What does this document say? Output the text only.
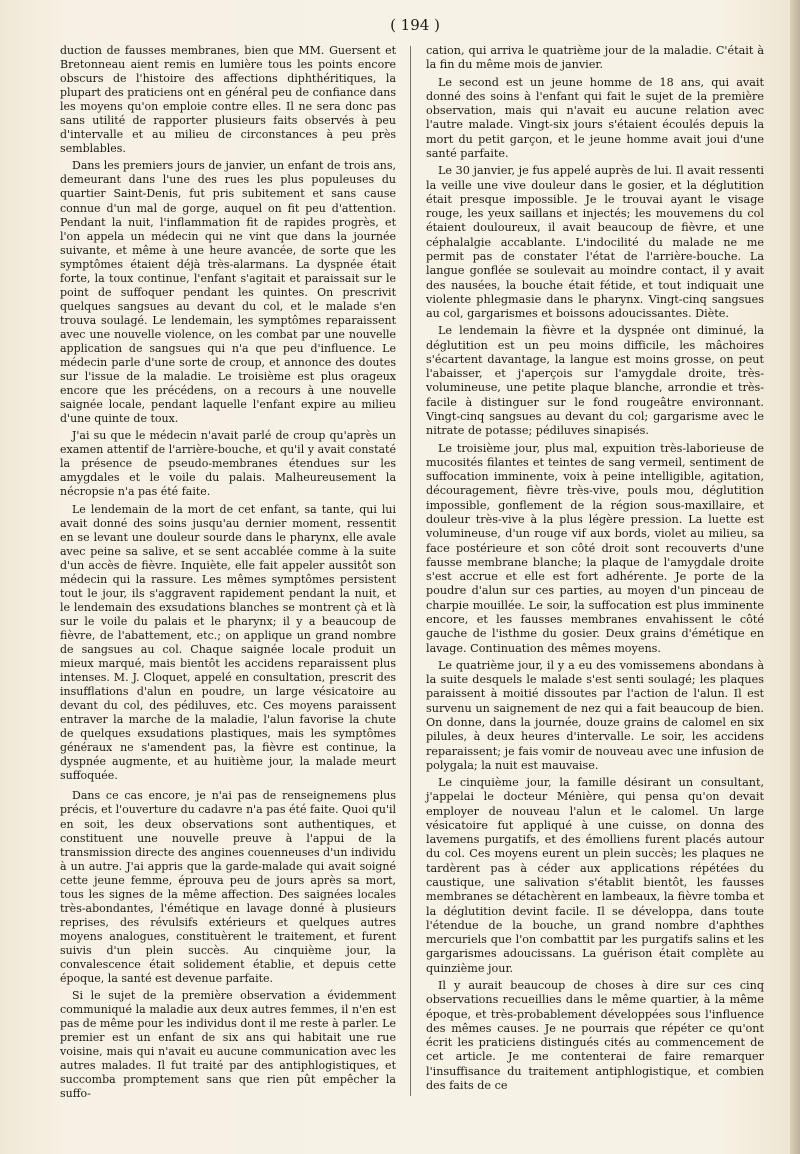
( 194 )

duction de fausses membranes, bien que MM. Guersent et Bretonneau aient remis en lumière tous les points encore obscurs de l'histoire des affections diphthéritiques, la plupart des praticiens ont en général peu de confiance dans les moyens qu'on emploie contre elles. Il ne sera donc pas sans utilité de rapporter plusieurs faits observés à peu d'intervalle et au milieu de circonstances à peu près semblables.

Dans les premiers jours de janvier, un enfant de trois ans, demeurant dans l'une des rues les plus populeuses du quartier Saint-Denis, fut pris subitement et sans cause connue d'un mal de gorge, auquel on fit peu d'attention. Pendant la nuit, l'inflammation fit de rapides progrès, et l'on appela un médecin qui ne vint que dans la journée suivante, et même à une heure avancée, de sorte que les symptômes étaient déjà très-alarmans. La dyspnée était forte, la toux continue, l'enfant s'agitait et paraissait sur le point de suffoquer pendant les quintes. On prescrivit quelques sangsues au devant du col, et le malade s'en trouva soulagé. Le lendemain, les symptômes reparaissent avec une nouvelle violence, on les combat par une nouvelle application de sangsues qui n'a que peu d'influence. Le médecin parle d'une sorte de croup, et annonce des doutes sur l'issue de la maladie. Le troisième est plus orageux encore que les précédens, on a recours à une nouvelle saignée locale, pendant laquelle l'enfant expire au milieu d'une quinte de toux.

J'ai su que le médecin n'avait parlé de croup qu'après un examen attentif de l'arrière-bouche, et qu'il y avait constaté la présence de pseudo-membranes étendues sur les amygdales et le voile du palais. Malheureusement la nécropsie n'a pas été faite.

Le lendemain de la mort de cet enfant, sa tante, qui lui avait donné des soins jusqu'au dernier moment, ressentit en se levant une douleur sourde dans le pharynx, elle avale avec peine sa salive, et se sent accablée comme à la suite d'un accès de fièvre. Inquiète, elle fait appeler aussitôt son médecin qui la rassure. Les mêmes symptômes persistent tout le jour, ils s'aggravent rapidement pendant la nuit, et le lendemain des exsudations blanches se montrent çà et là sur le voile du palais et le pharynx; il y a beaucoup de fièvre, de l'abattement, etc.; on applique un grand nombre de sangsues au col. Chaque saignée locale produit un mieux marqué, mais bientôt les accidens reparaissent plus intenses. M. J. Cloquet, appelé en consultation, prescrit des insufflations d'alun en poudre, un large vésicatoire au devant du col, des pédiluves, etc. Ces moyens paraissent entraver la marche de la maladie, l'alun favorise la chute de quelques exsudations plastiques, mais les symptômes généraux ne s'amendent pas, la fièvre est continue, la dyspnée augmente, et au huitième jour, la malade meurt suffoquée.

Dans ce cas encore, je n'ai pas de renseignemens plus précis, et l'ouverture du cadavre n'a pas été faite. Quoi qu'il en soit, les deux observations sont authentiques, et constituent une nouvelle preuve à l'appui de la transmission directe des angines couenneuses d'un individu à un autre. J'ai appris que la garde-malade qui avait soigné cette jeune femme, éprouva peu de jours après sa mort, tous les signes de la même affection. Des saignées locales très-abondantes, l'émétique en lavage donné à plusieurs reprises, des révulsifs extérieurs et quelques autres moyens analogues, constituèrent le traitement, et furent suivis d'un plein succès. Au cinquième jour, la convalescence était solidement établie, et depuis cette époque, la santé est devenue parfaite.

Si le sujet de la première observation a évidemment communiqué la maladie aux deux autres femmes, il n'en est pas de même pour les individus dont il me reste à parler. Le premier est un enfant de six ans qui habitait une rue voisine, mais qui n'avait eu aucune communication avec les autres malades. Il fut traité par des antiphlogistiques, et succomba promptement sans que rien pût empêcher la suffo-

cation, qui arriva le quatrième jour de la maladie. C'était à la fin du même mois de janvier.

Le second est un jeune homme de 18 ans, qui avait donné des soins à l'enfant qui fait le sujet de la première observation, mais qui n'avait eu aucune relation avec l'autre malade. Vingt-six jours s'étaient écoulés depuis la mort du petit garçon, et le jeune homme avait joui d'une santé parfaite.

Le 30 janvier, je fus appelé auprès de lui. Il avait ressenti la veille une vive douleur dans le gosier, et la déglutition était presque impossible. Je le trouvai ayant le visage rouge, les yeux saillans et injectés; les mouvemens du col étaient douloureux, il avait beaucoup de fièvre, et une céphalalgie accablante. L'indocilité du malade ne me permit pas de constater l'état de l'arrière-bouche. La langue gonflée se soulevait au moindre contact, il y avait des nausées, la bouche était fétide, et tout indiquait une violente phlegmasie dans le pharynx. Vingt-cinq sangsues au col, gargarismes et boissons adoucissantes. Diète.

Le lendemain la fièvre et la dyspnée ont diminué, la déglutition est un peu moins difficile, les mâchoires s'écartent davantage, la langue est moins grosse, on peut l'abaisser, et j'aperçois sur l'amygdale droite, très-volumineuse, une petite plaque blanche, arrondie et très-facile à distinguer sur le fond rougeâtre environnant. Vingt-cinq sangsues au devant du col; gargarisme avec le nitrate de potasse; pédiluves sinapisés.

Le troisième jour, plus mal, expuition très-laborieuse de mucosités filantes et teintes de sang vermeil, sentiment de suffocation imminente, voix à peine intelligible, agitation, découragement, fièvre très-vive, pouls mou, déglutition impossible, gonflement de la région sous-maxillaire, et douleur très-vive à la plus légère pression. La luette est volumineuse, d'un rouge vif aux bords, violet au milieu, sa face postérieure et son côté droit sont recouverts d'une fausse membrane blanche; la plaque de l'amygdale droite s'est accrue et elle est fort adhérente. Je porte de la poudre d'alun sur ces parties, au moyen d'un pinceau de charpie mouillée. Le soir, la suffocation est plus imminente encore, et les fausses membranes envahissent le côté gauche de l'isthme du gosier. Deux grains d'émétique en lavage. Continuation des mêmes moyens.

Le quatrième jour, il y a eu des vomissemens abondans à la suite desquels le malade s'est senti soulagé; les plaques paraissent à moitié dissoutes par l'action de l'alun. Il est survenu un saignement de nez qui a fait beaucoup de bien. On donne, dans la journée, douze grains de calomel en six pilules, à deux heures d'intervalle. Le soir, les accidens reparaissent; je fais vomir de nouveau avec une infusion de polygala; la nuit est mauvaise.

Le cinquième jour, la famille désirant un consultant, j'appelai le docteur Ménière, qui pensa qu'on devait employer de nouveau l'alun et le calomel. Un large vésicatoire fut appliqué à une cuisse, on donna des lavemens purgatifs, et des émolliens furent placés autour du col. Ces moyens eurent un plein succès; les plaques ne tardèrent pas à céder aux applications répétées du caustique, une salivation s'établit bientôt, les fausses membranes se détachèrent en lambeaux, la fièvre tomba et la déglutition devint facile. Il se développa, dans toute l'étendue de la bouche, un grand nombre d'aphthes mercuriels que l'on combattit par les purgatifs salins et les gargarismes adoucissans. La guérison était complète au quinzième jour.

Il y aurait beaucoup de choses à dire sur ces cinq observations recueillies dans le même quartier, à la même époque, et très-probablement développées sous l'influence des mêmes causes. Je ne pourrais que répéter ce qu'ont écrit les praticiens distingués cités au commencement de cet article. Je me contenterai de faire remarquer l'insuffisance du traitement antiphlogistique, et combien des faits de ce
